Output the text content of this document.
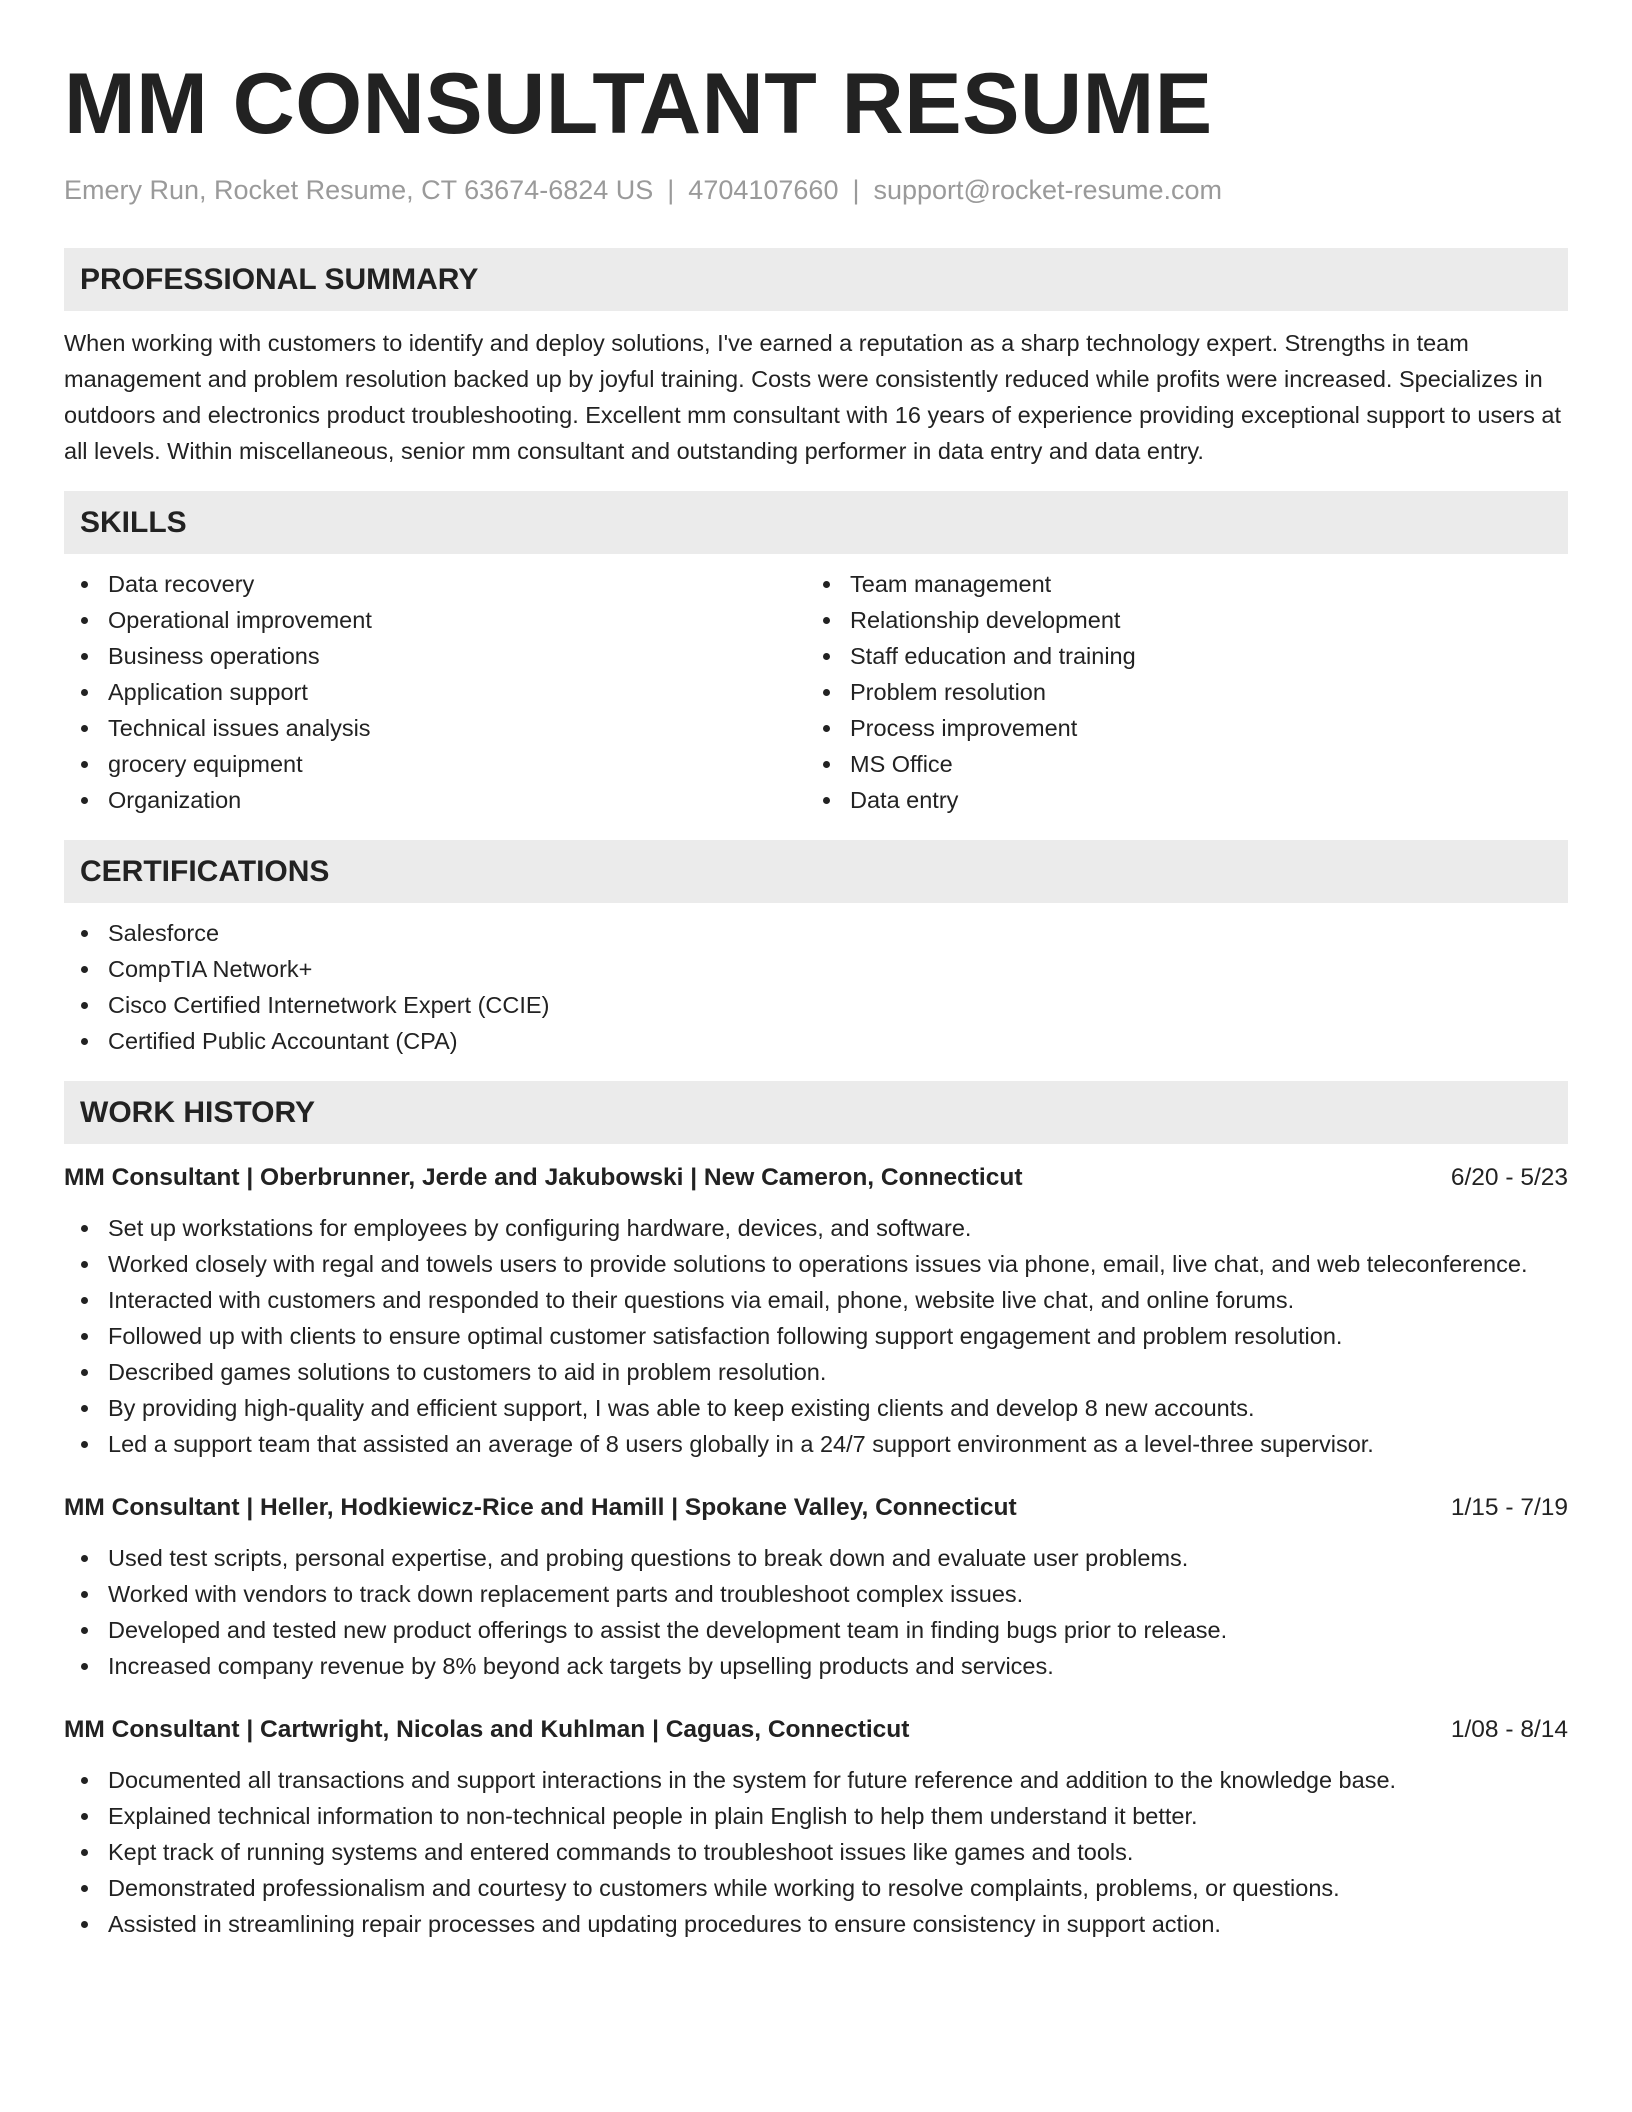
MM CONSULTANT RESUME
Emery Run, Rocket Resume, CT 63674-6824 US | 4704107660 | support@rocket-resume.com
PROFESSIONAL SUMMARY

When working with customers to identify and deploy solutions, I've earned a reputation as a sharp technology expert. Strengths in team management and problem resolution backed up by joyful training. Costs were consistently reduced while profits were increased. Specializes in outdoors and electronics product troubleshooting. Excellent mm consultant with 16 years of experience providing exceptional support to users at all levels. Within miscellaneous, senior mm consultant and outstanding performer in data entry and data entry.

SKILLS
Data recovery
Operational improvement
Business operations
Application support
Technical issues analysis
grocery equipment
Organization
Team management
Relationship development
Staff education and training
Problem resolution
Process improvement
MS Office
Data entry
CERTIFICATIONS
Salesforce
CompTIA Network+
Cisco Certified Internetwork Expert (CCIE)
Certified Public Accountant (CPA)
WORK HISTORY
MM Consultant | Oberbrunner, Jerde and Jakubowski | New Cameron, Connecticut	6/20 - 5/23
Set up workstations for employees by configuring hardware, devices, and software.
Worked closely with regal and towels users to provide solutions to operations issues via phone, email, live chat, and web teleconference.
Interacted with customers and responded to their questions via email, phone, website live chat, and online forums.
Followed up with clients to ensure optimal customer satisfaction following support engagement and problem resolution.
Described games solutions to customers to aid in problem resolution.
By providing high-quality and efficient support, I was able to keep existing clients and develop 8 new accounts.
Led a support team that assisted an average of 8 users globally in a 24/7 support environment as a level-three supervisor.
MM Consultant | Heller, Hodkiewicz-Rice and Hamill | Spokane Valley, Connecticut	1/15 - 7/19
Used test scripts, personal expertise, and probing questions to break down and evaluate user problems.
Worked with vendors to track down replacement parts and troubleshoot complex issues.
Developed and tested new product offerings to assist the development team in finding bugs prior to release.
Increased company revenue by 8% beyond ack targets by upselling products and services.
MM Consultant | Cartwright, Nicolas and Kuhlman | Caguas, Connecticut	1/08 - 8/14
Documented all transactions and support interactions in the system for future reference and addition to the knowledge base.
Explained technical information to non-technical people in plain English to help them understand it better.
Kept track of running systems and entered commands to troubleshoot issues like games and tools.
Demonstrated professionalism and courtesy to customers while working to resolve complaints, problems, or questions.
Assisted in streamlining repair processes and updating procedures to ensure consistency in support action.
